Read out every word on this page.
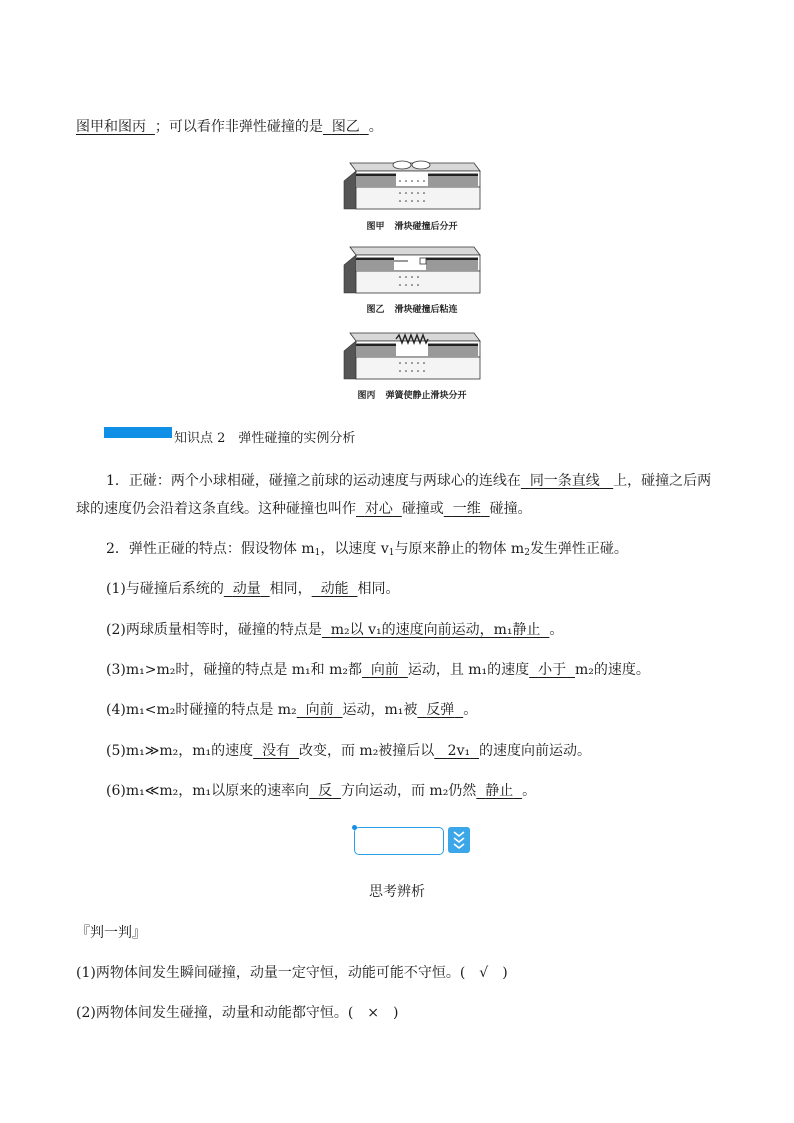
图甲和图丙 ；可以看作非弹性碰撞的是 图乙 。
图甲 滑块碰撞后分开
图乙 滑块碰撞后粘连
图丙 弹簧使静止滑块分开
知识点 2　弹性碰撞的实例分析
1．正碰：两个小球相碰，碰撞之前球的运动速度与两球心的连线在 同一条直线 上，碰撞之后两
球的速度仍会沿着这条直线。这种碰撞也叫作 对心 碰撞或 一维 碰撞。
2．弹性正碰的特点：假设物体 $m_1$，以速度 $v_1$与原来静止的物体 $m_2$发生弹性正碰。
(1)与碰撞后系统的 动量 相同， 动能 相同。
(2)两球质量相等时，碰撞的特点是 m₂以 v₁的速度向前运动，m₁静止 。
(3)m₁>m₂时，碰撞的特点是 m₁和 m₂都 向前 运动，且 m₁的速度 小于 m₂的速度。
(4)m₁<m₂时碰撞的特点是 m₂ 向前 运动，m₁被 反弹 。
(5)m₁≫m₂，m₁的速度 没有 改变，而 m₂被撞后以 2v₁ 的速度向前运动。
(6)m₁≪m₂，m₁以原来的速率向 反 方向运动，而 m₂仍然 静止 。
思考辨析
『判一判』
(1)两物体间发生瞬间碰撞，动量一定守恒，动能可能不守恒。(　√　)
(2)两物体间发生碰撞，动量和动能都守恒。(　×　)
